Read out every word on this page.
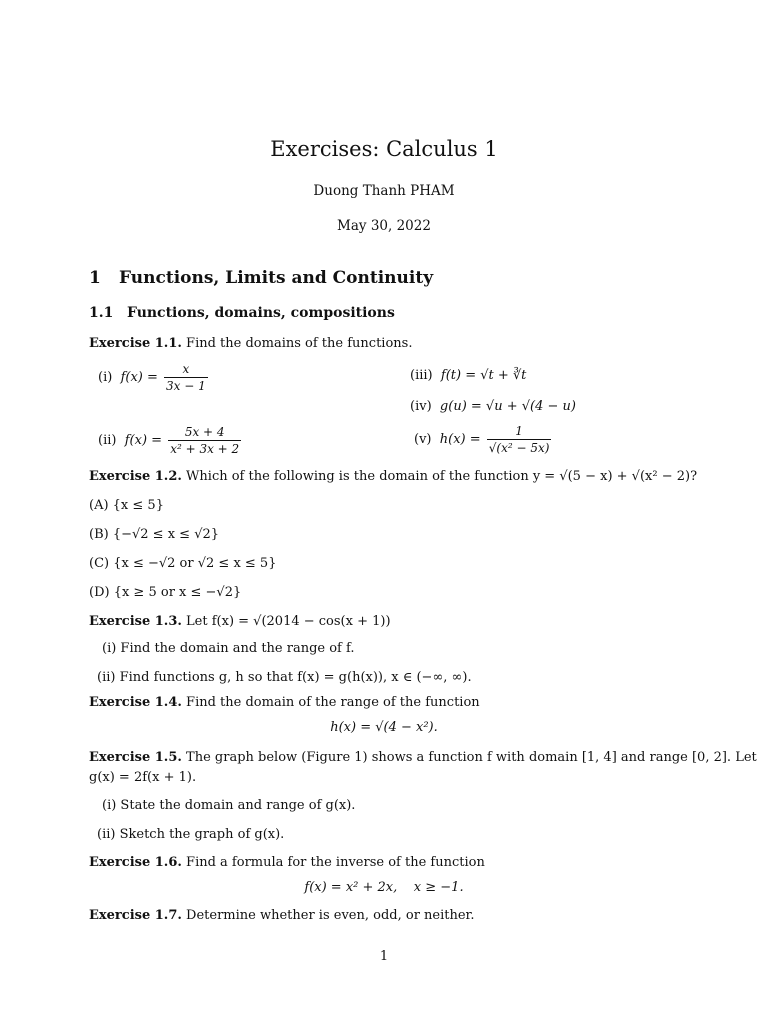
Exercises: Calculus 1
Duong Thanh PHAM
May 30, 2022
1 Functions, Limits and Continuity
1.1 Functions, domains, compositions
Exercise 1.1. Find the domains of the functions.
(i) $f(x) = \frac{x}{3x - 1}$
(ii) $f(x) = \frac{5x + 4}{\text{x² + 3x + 2}}$
(iii) f(t) = √t + ∛t
(iv) g(u) = √u + √(4 − u)
(v) $h(x) = \frac{1}{\text{√(x² − 5x)}}$
Exercise 1.2. Which of the following is the domain of the function y = √(5 − x) + √(x² − 2)?
(A) {x ≤ 5}
(B) {−√2 ≤ x ≤ √2}
(C) {x ≤ −√2 or √2 ≤ x ≤ 5}
(D) {x ≥ 5 or x ≤ −√2}
Exercise 1.3. Let f(x) = √(2014 − cos(x + 1))
(i) Find the domain and the range of f.
(ii) Find functions g, h so that f(x) = g(h(x)), x ∈ (−∞, ∞).
Exercise 1.4. Find the domain of the range of the function
h(x) = √(4 − x²).
Exercise 1.5. The graph below (Figure 1) shows a function f with domain [1, 4] and range [0, 2]. Let
g(x) = 2f(x + 1).
(i) State the domain and range of g(x).
(ii) Sketch the graph of g(x).
Exercise 1.6. Find a formula for the inverse of the function
f(x) = x² + 2x,    x ≥ −1.
Exercise 1.7. Determine whether is even, odd, or neither.
1
